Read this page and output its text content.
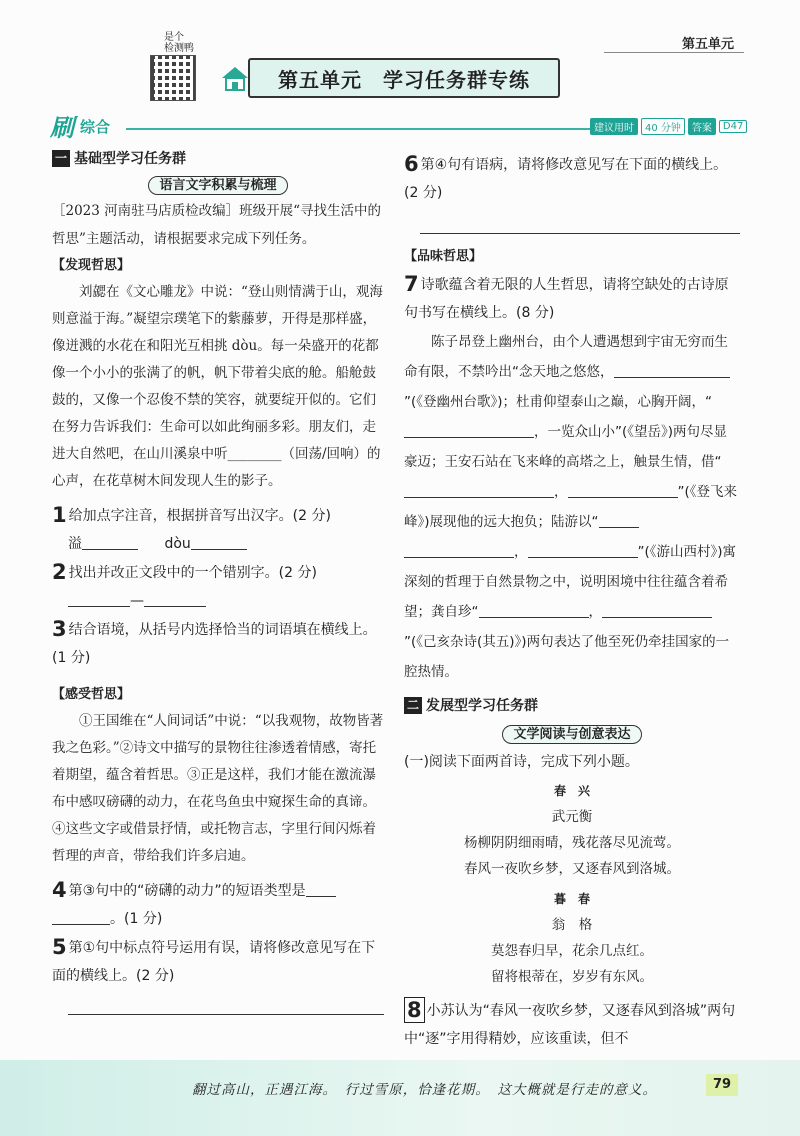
第五单元
是个
检测鸭
第五单元　学习任务群专练
刷 综合	建议用时	40 分钟	答案	D47
一 基础型学习任务群
语言文字积累与梳理
［2023 河南驻马店质检改编］班级开展“寻找生活中的哲思”主题活动，请根据要求完成下列任务。
【发现哲思】
刘勰在《文心雕龙》中说：“登山则情满于山，观海则意溢于海。”凝望宗璞笔下的紫藤萝，开得是那样盛，像迸溅的水花在和阳光互相挑 dòu。每一朵盛开的花都像一个小小的张满了的帆，帆下带着尖底的舱。船舱鼓鼓的，又像一个忍俊不禁的笑容，就要绽开似的。它们在努力告诉我们：生命可以如此绚丽多彩。朋友们，走进大自然吧，在山川溪泉中听________（回荡/回响）的心声，在花草树木间发现人生的影子。
1 给加点字注音，根据拼音写出汉字。(2 分)
溢	dòu
2 找出并改正文段中的一个错别字。(2 分)
—
3 结合语境，从括号内选择恰当的词语填在横线上。(1 分)
【感受哲思】
①王国维在“人间词话”中说：“以我观物，故物皆著我之色彩。”②诗文中描写的景物往往渗透着情感，寄托着期望，蕴含着哲思。③正是这样，我们才能在激流瀑布中感叹磅礴的动力，在花鸟鱼虫中窥探生命的真谛。④这些文字或借景抒情，或托物言志，字里行间闪烁着哲理的声音，带给我们许多启迪。
4 第③句中的“磅礴的动力”的短语类型是。(1 分)
5 第①句中标点符号运用有误，请将修改意见写在下面的横线上。(2 分)
6 第④句有语病，请将修改意见写在下面的横线上。(2 分)
【品味哲思】
7 诗歌蕴含着无限的人生哲思，请将空缺处的古诗原句书写在横线上。(8 分)
陈子昂登上幽州台，由个人遭遇想到宇宙无穷而生命有限，不禁吟出“念天地之悠悠，”(《登幽州台歌》)；杜甫仰望泰山之巅，心胸开阔，“，一览众山小”(《望岳》)两句尽显豪迈；王安石站在飞来峰的高塔之上，触景生情，借“，	”(《登飞来峰》)展现他的远大抱负；陆游以“，	”(《游山西村》)寓深刻的哲理于自然景物之中，说明困境中往往蕴含着希望；龚自珍“	，”(《己亥杂诗(其五)》)两句表达了他至死仍牵挂国家的一腔热情。
二 发展型学习任务群
文学阅读与创意表达
(一)阅读下面两首诗，完成下列小题。
春　兴
武元衡
杨柳阴阴细雨晴，残花落尽见流莺。
春风一夜吹乡梦，又逐春风到洛城。
暮　春
翁　格
莫怨春归早，花余几点红。
留将根蒂在，岁岁有东风。
8 小苏认为“春风一夜吹乡梦，又逐春风到洛城”两句中“逐”字用得精妙，应该重读，但不
翻过高山，正遇江海。　行过雪原，恰逢花期。　这大概就是行走的意义。	79
